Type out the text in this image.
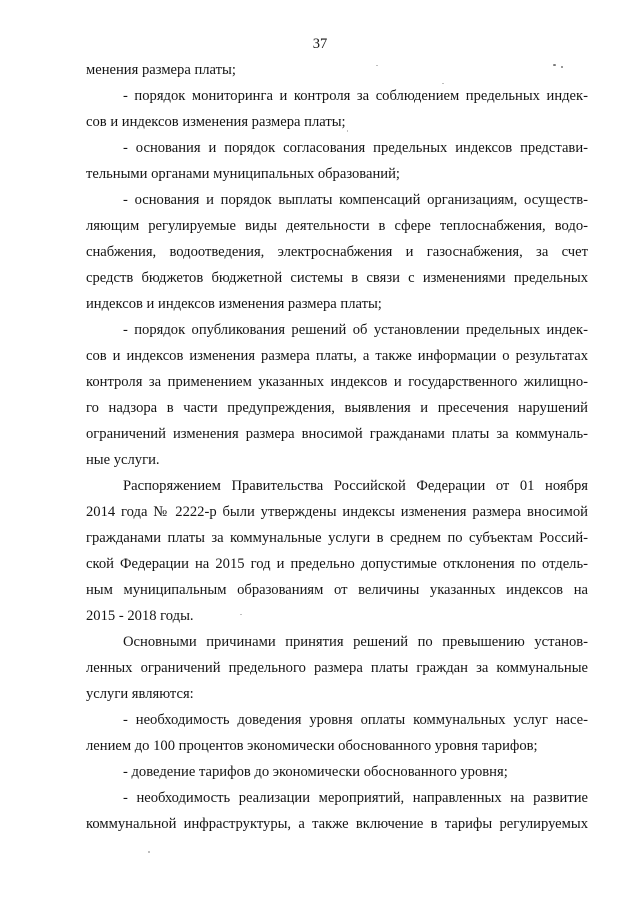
37
менения размера платы;
- порядок мониторинга и контроля за соблюдением предельных индек-
сов и индексов изменения размера платы;
- основания и порядок согласования предельных индексов представи-
тельными органами муниципальных образований;
- основания и порядок выплаты компенсаций организациям, осуществ-
ляющим регулируемые виды деятельности в сфере теплоснабжения, водо-
снабжения, водоотведения, электроснабжения и газоснабжения, за счет
средств бюджетов бюджетной системы в связи с изменениями предельных
индексов и индексов изменения размера платы;
- порядок опубликования решений об установлении предельных индек-
сов и индексов изменения размера платы, а также информации о результатах
контроля за применением указанных индексов и государственного жилищно-
го надзора в части предупреждения, выявления и пресечения нарушений
ограничений изменения размера вносимой гражданами платы за коммуналь-
ные услуги.
Распоряжением Правительства Российской Федерации от 01 ноября
2014 года № 2222-р были утверждены индексы изменения размера вносимой
гражданами платы за коммунальные услуги в среднем по субъектам Россий-
ской Федерации на 2015 год и предельно допустимые отклонения по отдель-
ным муниципальным образованиям от величины указанных индексов на
2015 - 2018 годы.
Основными причинами принятия решений по превышению установ-
ленных ограничений предельного размера платы граждан за коммунальные
услуги являются:
- необходимость доведения уровня оплаты коммунальных услуг насе-
лением до 100 процентов экономически обоснованного уровня тарифов;
- доведение тарифов до экономически обоснованного уровня;
- необходимость реализации мероприятий, направленных на развитие
коммунальной инфраструктуры, а также включение в тарифы регулируемых
